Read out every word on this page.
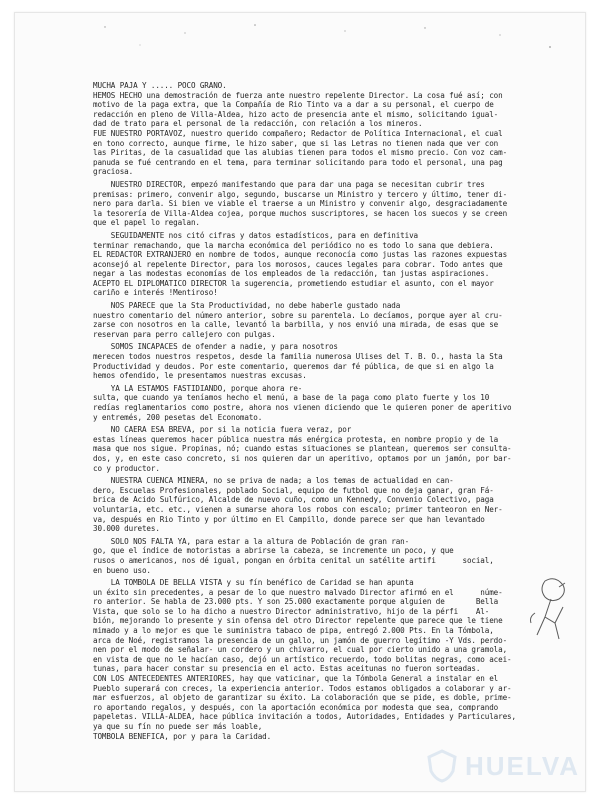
MUCHA PAJA Y ..... POCO GRANO.
HEMOS HECHO una demostración de fuerza ante nuestro repelente Director. La cosa fué así; con
motivo de la paga extra, que la Compañía de Rio Tinto va a dar a su personal, el cuerpo de
redacción en pleno de Villa-Aldea, hizo acto de presencia ante el mismo, solicitando igual-
dad de trato para el personal de la redacción, con relación a los mineros.
FUE NUESTRO PORTAVOZ, nuestro querido compañero; Redactor de Política Internacional, el cual
en tono correcto, aunque firme, le hizo saber, que si las Letras no tienen nada que ver con
las Piritas, de la casualidad que las alubias tienen para todos el mismo precio. Con voz cam-
panuda se fué centrando en el tema, para terminar solicitando para todo el personal, una pag
graciosa.
NUESTRO DIRECTOR, empezó manifestando que para dar una paga se necesitan cubrir tres
premisas: primero, convenir algo, segundo, buscarse un Ministro y tercero y último, tener di-
nero para darla. Si bien ve viable el traerse a un Ministro y convenir algo, desgraciadamente
la tesorería de Villa-Aldea cojea, porque muchos suscriptores, se hacen los suecos y se creen
que el papel lo regalan.
SEGUIDAMENTE nos citó cifras y datos estadísticos, para en definitiva
terminar remachando, que la marcha económica del periódico no es todo lo sana que debiera.
EL REDACTOR EXTRANJERO en nombre de todos, aunque reconocía como justas las razones expuestas
aconsejó al repelente Director, para los morosos, cauces legales para cobrar. Todo antes que
negar a las modestas economías de los empleados de la redacción, tan justas aspiraciones.
ACEPTO EL DIPLOMATICO DIRECTOR la sugerencia, prometiendo estudiar el asunto, con el mayor
cariño e interés !Mentiroso!
NOS PARECE que la Sta Productividad, no debe haberle gustado nada
nuestro comentario del número anterior, sobre su parentela. Lo decíamos, porque ayer al cru-
zarse con nosotros en la calle, levantó la barbilla, y nos envió una mirada, de esas que se
reservan para perro callejero con pulgas.
SOMOS INCAPACES de ofender a nadie, y para nosotros
merecen todos nuestros respetos, desde la familia numerosa Ulises del T. B. O., hasta la Sta
Productividad y deudos. Por este comentario, queremos dar fé pública, de que si en algo la
hemos ofendido, le presentamos nuestras excusas.
YA LA ESTAMOS FASTIDIANDO, porque ahora re-
sulta, que cuando ya teníamos hecho el menú, a base de la paga como plato fuerte y los 10
redías reglamentarios como postre, ahora nos vienen diciendo que le quieren poner de aperitivo
y entremés, 200 pesetas del Economato.
NO CAERA ESA BREVA, por si la noticia fuera veraz, por
estas líneas queremos hacer pública nuestra más enérgica protesta, en nombre propio y de la
masa que nos sigue. Propinas, nó; cuando estas situaciones se plantean, queremos ser consulta-
dos, y, en este caso concreto, si nos quieren dar un aperitivo, optamos por un jamón, por bar-
co y productor.
NUESTRA CUENCA MINERA, no se priva de nada; a los temas de actualidad en can-
dero, Escuelas Profesionales, poblado Social, equipo de futbol que no deja ganar, gran Fá-
brica de Acido Sulfúrico, Alcalde de nuevo cuño, como un Kennedy, Convenio Colectivo, paga
voluntaria, etc. etc., vienen a sumarse ahora los robos con escalo; primer tanteoron en Ner-
va, después en Rio Tinto y por último en El Campillo, donde parece ser que han levantado
30.000 duretes.
SOLO NOS FALTA YA, para estar a la altura de Población de gran ran-
go, que el índice de motoristas a abrirse la cabeza, se incremente un poco, y que
rusos o americanos, nos dé igual, pongan en órbita cenital un satélite artifi      social,
en bueno uso.
LA TOMBOLA DE BELLA VISTA y su fín benéfico de Caridad se han apunta
un éxito sin precedentes, a pesar de lo que nuestro malvado Director afirmó en el      núme-
ro anterior. Se habla de 23.000 pts. Y son 25.000 exactamente porque alguien de       Bella
Vista, que solo se lo ha dicho a nuestro Director administrativo, hijo de la pérfi    Al-
bión, mejorando lo presente y sin ofensa del otro Director repelente que parece que le tiene
mimado y a lo mejor es que le suministra tabaco de pipa, entregó 2.000 Pts. En la Tómbola,
arca de Noé, registramos la presencia de un gallo, un jamón de guerro legítimo -Y Vds. perdo-
nen por el modo de señalar- un cordero y un chivarro, el cual por cierto unido a una gramola,
en vista de que no le hacían caso, dejó un artístico recuerdo, todo bolitas negras, como acei-
tunas, para hacer constar su presencia en el acto. Estas aceitunas no fueron sorteadas.
CON LOS ANTECEDENTES ANTERIORES, hay que vaticinar, que la Tómbola General a instalar en el
Pueblo superará con creces, la experiencia anterior. Todos estamos obligados a colaborar y ar-
mar esfuerzos, al objeto de garantizar su éxito. La colaboración que se pide, es doble, prime-
ro aportando regalos, y después, con la aportación económica por modesta que sea, comprando
papeletas. VILLA-ALDEA, hace pública invitación a todos, Autoridades, Entidades y Particulares,
ya que su fín no puede ser más loable,
TOMBOLA BENEFICA, por y para la Caridad.
HUELVA
